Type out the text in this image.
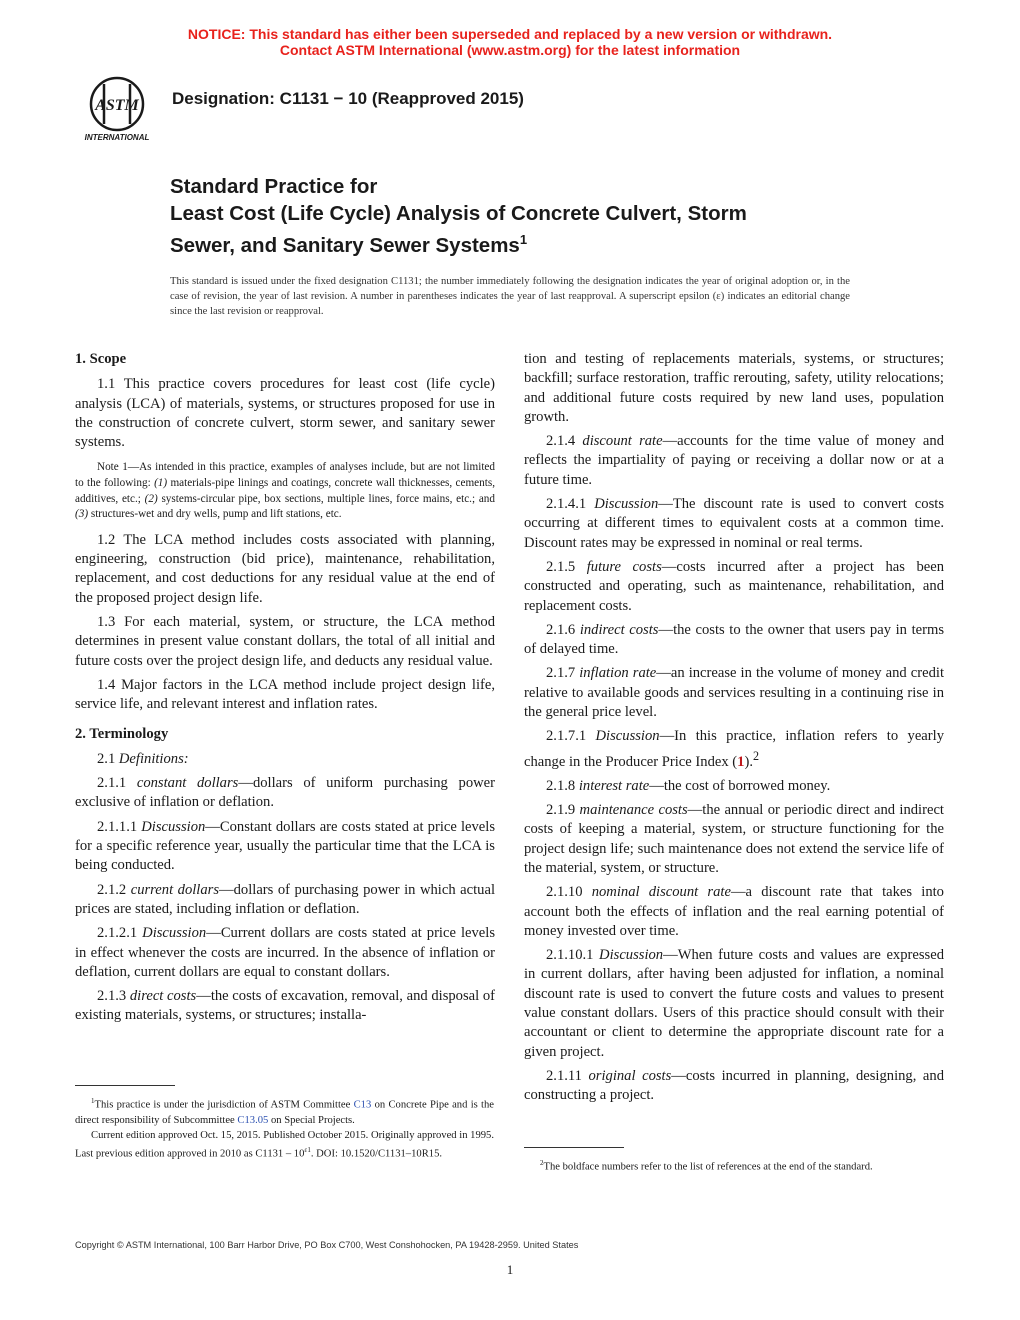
NOTICE: This standard has either been superseded and replaced by a new version or withdrawn.
Contact ASTM International (www.astm.org) for the latest information
ASTM
INTERNATIONAL
Designation: C1131 − 10 (Reapproved 2015)
Standard Practice for
Least Cost (Life Cycle) Analysis of Concrete Culvert, Storm
Sewer, and Sanitary Sewer Systems$^1$
This standard is issued under the fixed designation C1131; the number immediately following the designation indicates the year of original adoption or, in the case of revision, the year of last revision. A number in parentheses indicates the year of last reapproval. A superscript epsilon (ε) indicates an editorial change since the last revision or reapproval.
1. Scope

1.1 This practice covers procedures for least cost (life cycle) analysis (LCA) of materials, systems, or structures proposed for use in the construction of concrete culvert, storm sewer, and sanitary sewer systems.

Note 1—As intended in this practice, examples of analyses include, but are not limited to the following: (1) materials-pipe linings and coatings, concrete wall thicknesses, cements, additives, etc.; (2) systems-circular pipe, box sections, multiple lines, force mains, etc.; and (3) structures-wet and dry wells, pump and lift stations, etc.

1.2 The LCA method includes costs associated with planning, engineering, construction (bid price), maintenance, rehabilitation, replacement, and cost deductions for any residual value at the end of the proposed project design life.

1.3 For each material, system, or structure, the LCA method determines in present value constant dollars, the total of all initial and future costs over the project design life, and deducts any residual value.

1.4 Major factors in the LCA method include project design life, service life, and relevant interest and inflation rates.

2. Terminology

2.1 Definitions:

2.1.1 constant dollars—dollars of uniform purchasing power exclusive of inflation or deflation.

2.1.1.1 Discussion—Constant dollars are costs stated at price levels for a specific reference year, usually the particular time that the LCA is being conducted.

2.1.2 current dollars—dollars of purchasing power in which actual prices are stated, including inflation or deflation.

2.1.2.1 Discussion—Current dollars are costs stated at price levels in effect whenever the costs are incurred. In the absence of inflation or deflation, current dollars are equal to constant dollars.

2.1.3 direct costs—the costs of excavation, removal, and disposal of existing materials, systems, or structures; installa-

tion and testing of replacements materials, systems, or structures; backfill; surface restoration, traffic rerouting, safety, utility relocations; and additional future costs required by new land uses, population growth.

2.1.4 discount rate—accounts for the time value of money and reflects the impartiality of paying or receiving a dollar now or at a future time.

2.1.4.1 Discussion—The discount rate is used to convert costs occurring at different times to equivalent costs at a common time. Discount rates may be expressed in nominal or real terms.

2.1.5 future costs—costs incurred after a project has been constructed and operating, such as maintenance, rehabilitation, and replacement costs.

2.1.6 indirect costs—the costs to the owner that users pay in terms of delayed time.

2.1.7 inflation rate—an increase in the volume of money and credit relative to available goods and services resulting in a continuing rise in the general price level.

2.1.7.1 Discussion—In this practice, inflation refers to yearly change in the Producer Price Index (1).$^2$

2.1.8 interest rate—the cost of borrowed money.

2.1.9 maintenance costs—the annual or periodic direct and indirect costs of keeping a material, system, or structure functioning for the project design life; such maintenance does not extend the service life of the material, system, or structure.

2.1.10 nominal discount rate—a discount rate that takes into account both the effects of inflation and the real earning potential of money invested over time.

2.1.10.1 Discussion—When future costs and values are expressed in current dollars, after having been adjusted for inflation, a nominal discount rate is used to convert the future costs and values to present value constant dollars. Users of this practice should consult with their accountant or client to determine the appropriate discount rate for a given project.

2.1.11 original costs—costs incurred in planning, designing, and constructing a project.

$^1$This practice is under the jurisdiction of ASTM Committee C13 on Concrete Pipe and is the direct responsibility of Subcommittee C13.05 on Special Projects.

Current edition approved Oct. 15, 2015. Published October 2015. Originally approved in 1995. Last previous edition approved in 2010 as $C1131 - 10^{\varepsilon 1}$. DOI: 10.1520/C1131–10R15.

$^2$The boldface numbers refer to the list of references at the end of the standard.

Copyright © ASTM International, 100 Barr Harbor Drive, PO Box C700, West Conshohocken, PA 19428-2959. United States
1
